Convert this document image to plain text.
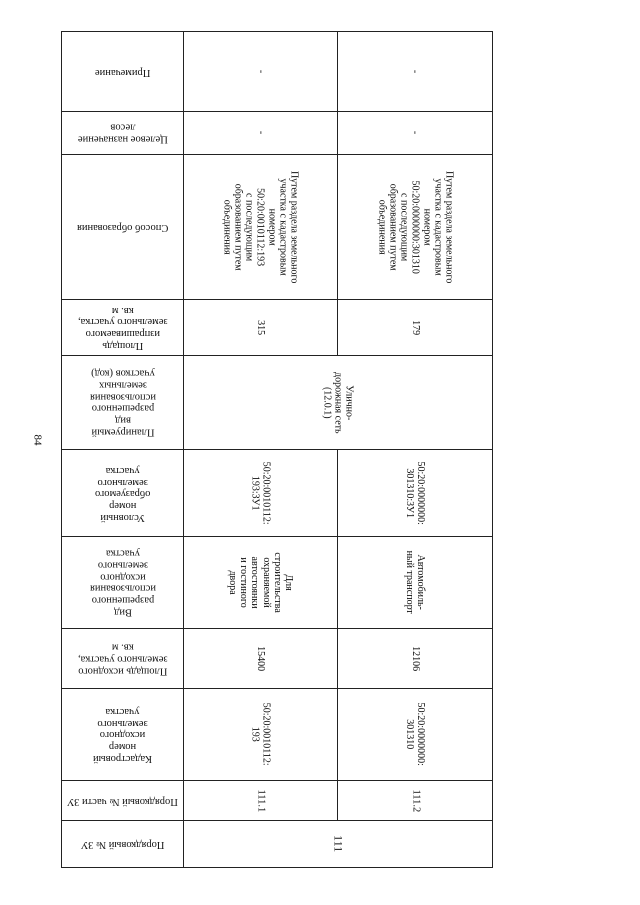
84
Примечание
Целевое назначение
лесов
Способ образования
Площадь
изпрашиваемого
земельного участка,
кв. м
Планируемый
вид
разрешенного
использования
земельных
участков (код)
Условный
номер
образуемого
земельного
участка
Вид
разрешенного
использования
исходного
земельного
участка
Площадь исходного
земельного участка,
кв. м
Кадастровый
номер
исходного
земельного
участка
Порядковый № части ЗУ
Порядковый № ЗУ
-
-
Путем раздела земельного
участка с кадастровым
номером
50:20:0010112:193
с последующим
образованием путем
объединения
315
50:20:0010112:
193:ЗУ1
Для
строительства
охраняемой
автостоянки
и гостиного
двора
15400
50:20:0010112:
193
111.1
-
-
Путем раздела земельного
участка с кадастровым
номером
50:20:0000000:301310
с последующим
образованием путем
объединения
179
50:20:0000000:
301310:ЗУ1
Автомобиль-
ный транспорт
12106
50:20:0000000:
301310
111.2
Улично-
дорожная сеть
(12.0.1)
111
